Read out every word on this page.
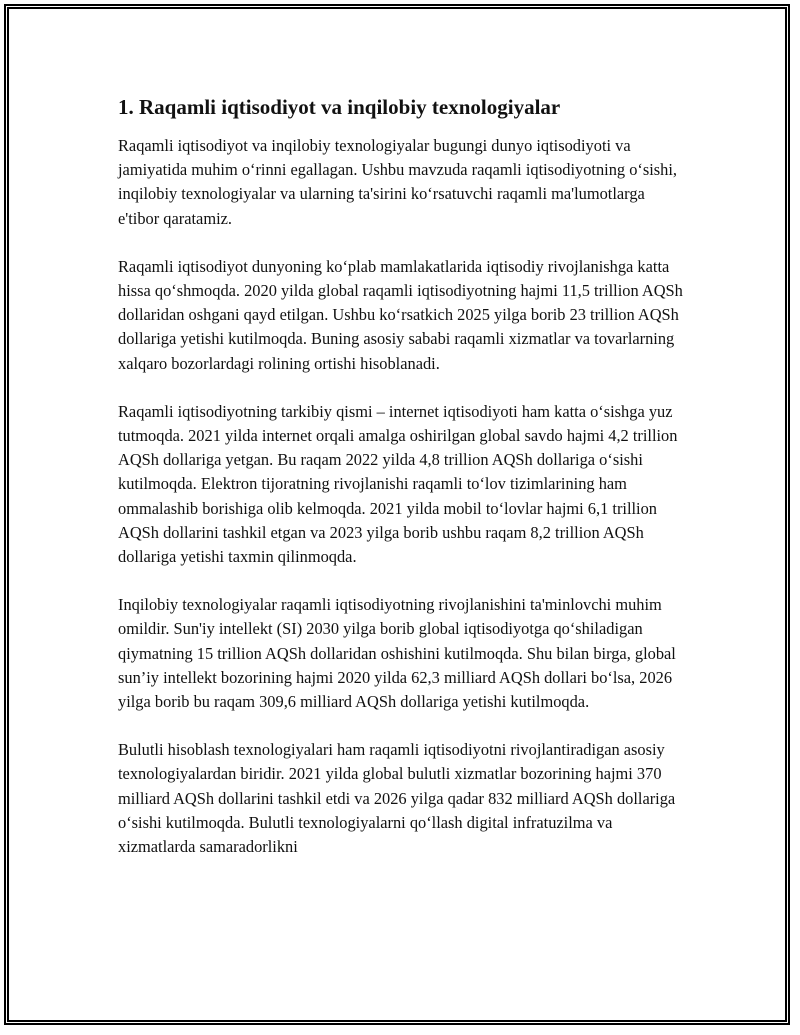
1. Raqamli iqtisodiyot va inqilobiy texnologiyalar

Raqamli iqtisodiyot va inqilobiy texnologiyalar bugungi dunyo iqtisodiyoti va jamiyatida muhim o‘rinni egallagan. Ushbu mavzuda raqamli iqtisodiyotning o‘sishi, inqilobiy texnologiyalar va ularning ta'sirini ko‘rsatuvchi raqamli ma'lumotlarga e'tibor qaratamiz.

Raqamli iqtisodiyot dunyoning ko‘plab mamlakatlarida iqtisodiy rivojlanishga katta hissa qo‘shmoqda. 2020 yilda global raqamli iqtisodiyotning hajmi 11,5 trillion AQSh dollaridan oshgani qayd etilgan. Ushbu ko‘rsatkich 2025 yilga borib 23 trillion AQSh dollariga yetishi kutilmoqda. Buning asosiy sababi raqamli xizmatlar va tovarlarning xalqaro bozorlardagi rolining ortishi hisoblanadi.

Raqamli iqtisodiyotning tarkibiy qismi – internet iqtisodiyoti ham katta o‘sishga yuz tutmoqda. 2021 yilda internet orqali amalga oshirilgan global savdo hajmi 4,2 trillion AQSh dollariga yetgan. Bu raqam 2022 yilda 4,8 trillion AQSh dollariga o‘sishi kutilmoqda. Elektron tijoratning rivojlanishi raqamli to‘lov tizimlarining ham ommalashib borishiga olib kelmoqda. 2021 yilda mobil to‘lovlar hajmi 6,1 trillion AQSh dollarini tashkil etgan va 2023 yilga borib ushbu raqam 8,2 trillion AQSh dollariga yetishi taxmin qilinmoqda.

Inqilobiy texnologiyalar raqamli iqtisodiyotning rivojlanishini ta'minlovchi muhim omildir. Sun'iy intellekt (SI) 2030 yilga borib global iqtisodiyotga qo‘shiladigan qiymatning 15 trillion AQSh dollaridan oshishini kutilmoqda. Shu bilan birga, global sun’iy intellekt bozorining hajmi 2020 yilda 62,3 milliard AQSh dollari bo‘lsa, 2026 yilga borib bu raqam 309,6 milliard AQSh dollariga yetishi kutilmoqda.

Bulutli hisoblash texnologiyalari ham raqamli iqtisodiyotni rivojlantiradigan asosiy texnologiyalardan biridir. 2021 yilda global bulutli xizmatlar bozorining hajmi 370 milliard AQSh dollarini tashkil etdi va 2026 yilga qadar 832 milliard AQSh dollariga o‘sishi kutilmoqda. Bulutli texnologiyalarni qo‘llash digital infratuzilma va xizmatlarda samaradorlikni
